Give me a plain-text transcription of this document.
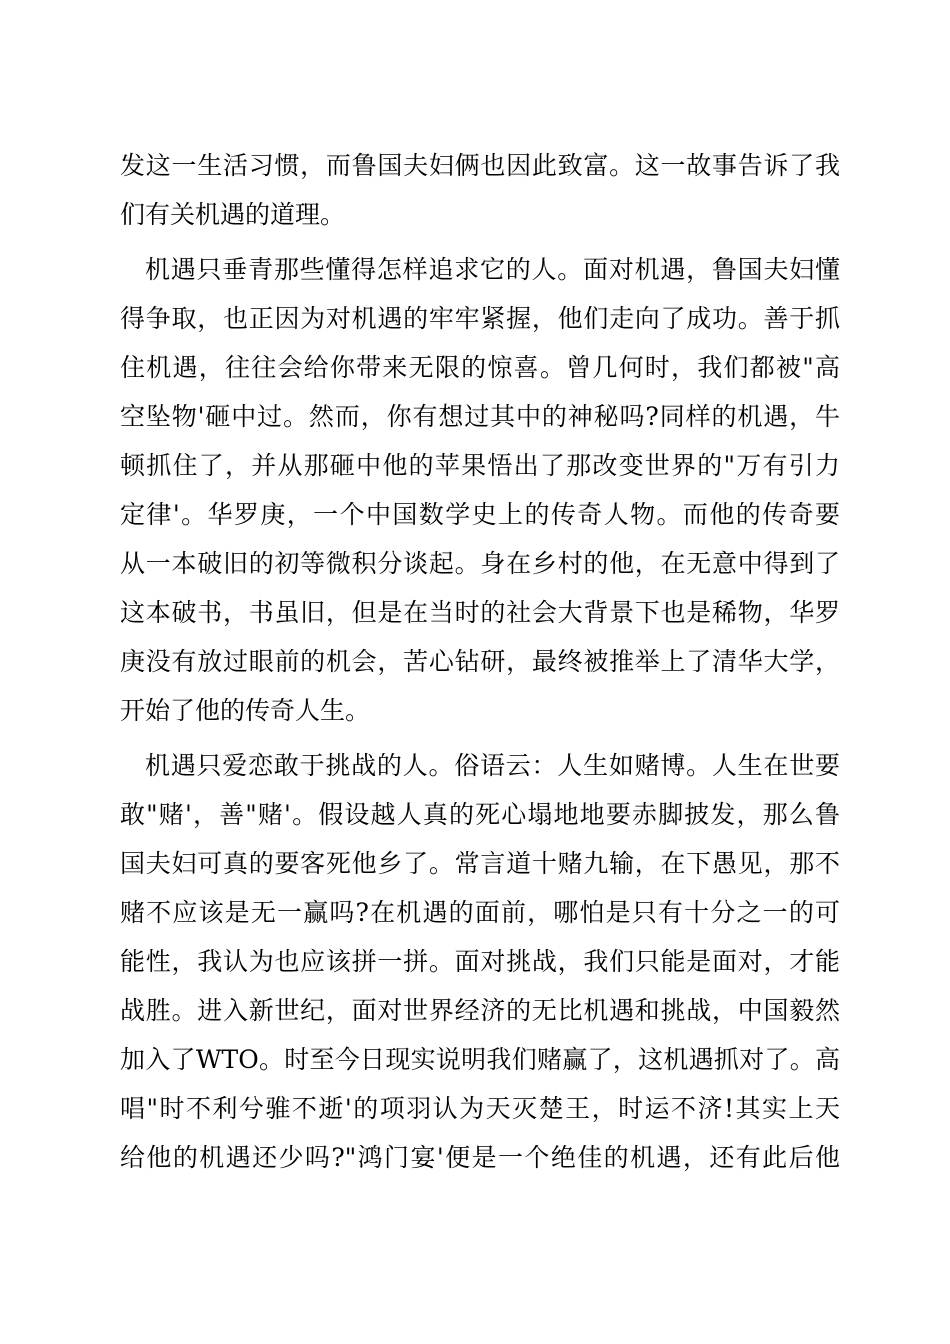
发这一生活习惯，而鲁国夫妇俩也因此致富。这一故事告诉了我
们有关机遇的道理。
机遇只垂青那些懂得怎样追求它的人。面对机遇，鲁国夫妇懂
得争取，也正因为对机遇的牢牢紧握，他们走向了成功。善于抓
住机遇，往往会给你带来无限的惊喜。曾几何时，我们都被"高
空坠物'砸中过。然而，你有想过其中的神秘吗?同样的机遇，牛
顿抓住了，并从那砸中他的苹果悟出了那改变世界的"万有引力
定律'。华罗庚，一个中国数学史上的传奇人物。而他的传奇要
从一本破旧的初等微积分谈起。身在乡村的他，在无意中得到了
这本破书，书虽旧，但是在当时的社会大背景下也是稀物，华罗
庚没有放过眼前的机会，苦心钻研，最终被推举上了清华大学，
开始了他的传奇人生。
机遇只爱恋敢于挑战的人。俗语云：人生如赌博。人生在世要
敢"赌'，善"赌'。假设越人真的死心塌地地要赤脚披发，那么鲁
国夫妇可真的要客死他乡了。常言道十赌九输，在下愚见，那不
赌不应该是无一赢吗?在机遇的面前，哪怕是只有十分之一的可
能性，我认为也应该拼一拼。面对挑战，我们只能是面对，才能
战胜。进入新世纪，面对世界经济的无比机遇和挑战，中国毅然
加入了WTO。时至今日现实说明我们赌赢了，这机遇抓对了。高
唱"时不利兮骓不逝'的项羽认为天灭楚王，时运不济!其实上天
给他的机遇还少吗?"鸿门宴'便是一个绝佳的机遇，还有此后他
